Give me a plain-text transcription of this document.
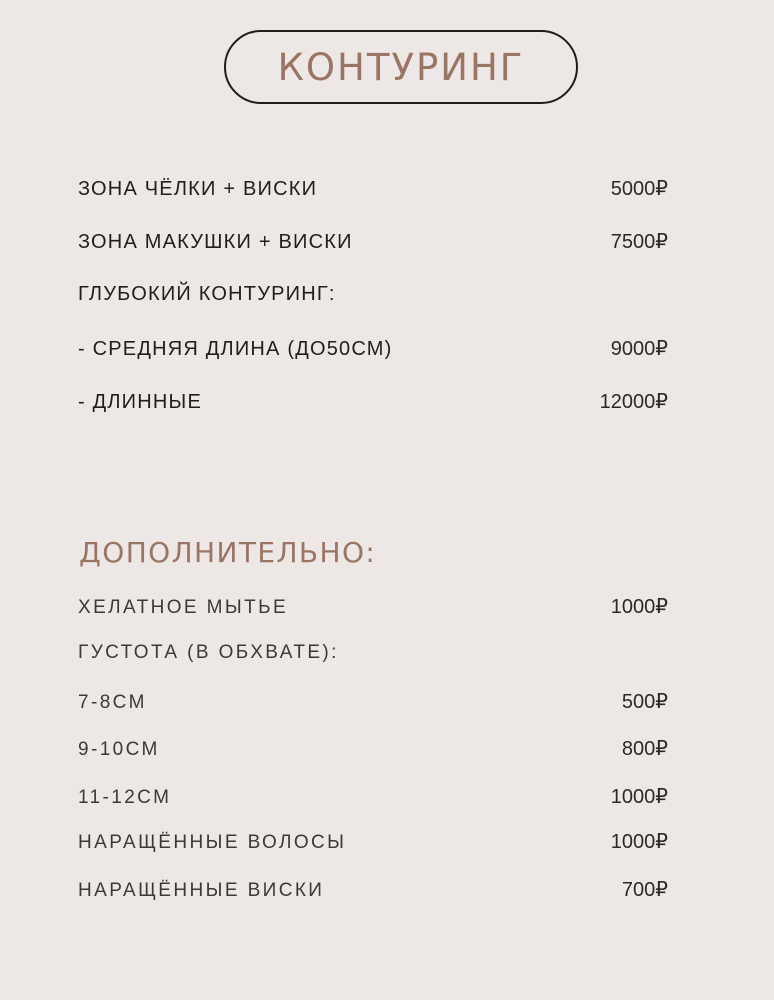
КОНТУРИНГ
ЗОНА ЧЁЛКИ + ВИСКИ	5000₽
ЗОНА МАКУШКИ + ВИСКИ	7500₽
ГЛУБОКИЙ КОНТУРИНГ:
- СРЕДНЯЯ ДЛИНА (ДО50СМ)	9000₽
- ДЛИННЫЕ	12000₽
ДОПОЛНИТЕЛЬНО:
ХЕЛАТНОЕ МЫТЬЕ	1000₽
ГУСТОТА (В ОБХВАТЕ):
7-8СМ	500₽
9-10СМ	800₽
11-12СМ	1000₽
НАРАЩЁННЫЕ ВОЛОСЫ	1000₽
НАРАЩЁННЫЕ ВИСКИ	700₽
